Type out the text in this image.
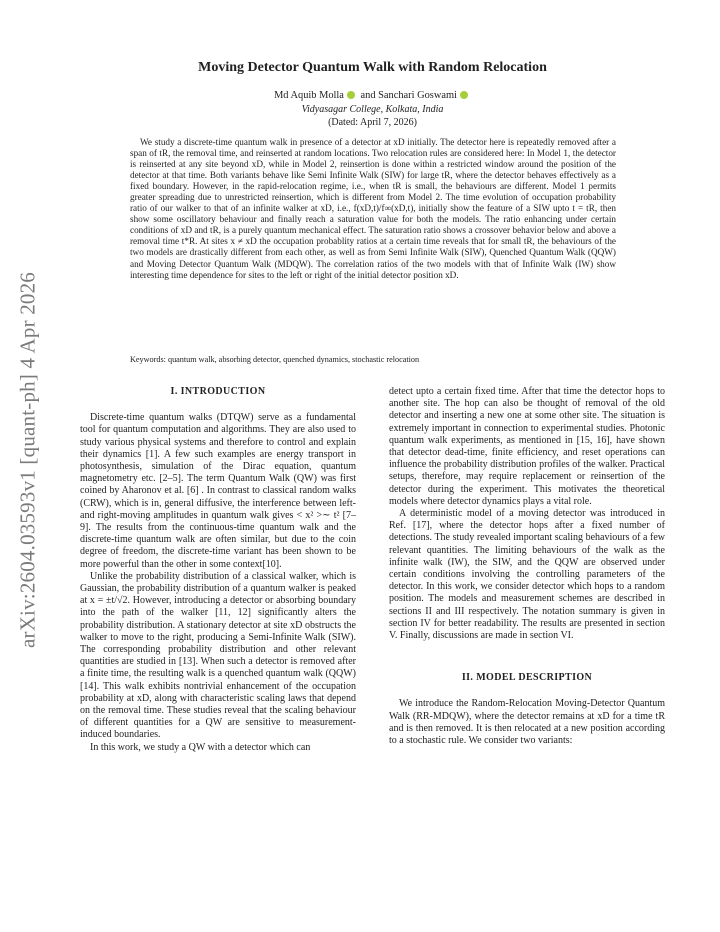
arXiv:2604.03593v1 [quant-ph] 4 Apr 2026
Moving Detector Quantum Walk with Random Relocation
Md Aquib Molla and Sanchari Goswami
Vidyasagar College, Kolkata, India
(Dated: April 7, 2026)
We study a discrete-time quantum walk in presence of a detector at xD initially. The detector here is repeatedly removed after a span of tR, the removal time, and reinserted at random locations. Two relocation rules are considered here: In Model 1, the detector is reinserted at any site beyond xD, while in Model 2, reinsertion is done within a restricted window around the position of the detector at that time. Both variants behave like Semi Infinite Walk (SIW) for large tR, where the detector behaves effectively as a fixed boundary. However, in the rapid-relocation regime, i.e., when tR is small, the behaviours are different. Model 1 permits greater spreading due to unrestricted reinsertion, which is different from Model 2. The time evolution of occupation probability ratio of our walker to that of an infinite walker at xD, i.e., f(xD,t)/f∞(xD,t), initially show the feature of a SIW upto t = tR, then show some oscillatory behaviour and finally reach a saturation value for both the models. The ratio enhancing under certain conditions of xD and tR, is a purely quantum mechanical effect. The saturation ratio shows a crossover behavior below and above a removal time t*R. At sites x ≠ xD the occupation probablity ratios at a certain time reveals that for small tR, the behaviours of the two models are drastically different from each other, as well as from Semi Infinite Walk (SIW), Quenched Quantum Walk (QQW) and Moving Detector Quantum Walk (MDQW). The correlation ratios of the two models with that of Infinite Walk (IW) show interesting time dependence for sites to the left or right of the initial detector position xD.
Keywords: quantum walk, absorbing detector, quenched dynamics, stochastic relocation
I. INTRODUCTION

Discrete-time quantum walks (DTQW) serve as a fundamental tool for quantum computation and algorithms. They are also used to study various physical systems and therefore to control and explain their dynamics [1]. A few such examples are energy transport in photosynthesis, simulation of the Dirac equation, quantum magnetometry etc. [2–5]. The term Quantum Walk (QW) was first coined by Aharonov et al. [6] . In contrast to classical random walks (CRW), which is in, general diffusive, the interference between left- and right-moving amplitudes in quantum walk gives < x² >∼ t² [7–9]. The results from the continuous-time quantum walk and the discrete-time quantum walk are often similar, but due to the coin degree of freedom, the discrete-time variant has been shown to be more powerful than the other in some context[10].

Unlike the probability distribution of a classical walker, which is Gaussian, the probability distribution of a quantum walker is peaked at x = ±t/√2. However, introducing a detector or absorbing boundary into the path of the walker [11, 12] significantly alters the probability distribution. A stationary detector at site xD obstructs the walker to move to the right, producing a Semi-Infinite Walk (SIW). The corresponding probability distribution and other relevant quantities are studied in [13]. When such a detector is removed after a finite time, the resulting walk is a quenched quantum walk (QQW) [14]. This walk exhibits nontrivial enhancement of the occupation probability at xD, along with characteristic scaling laws that depend on the removal time. These studies reveal that the scaling behaviour of different quantities for a QW are sensitive to measurement-induced boundaries.

In this work, we study a QW with a detector which can

detect upto a certain fixed time. After that time the detector hops to another site. The hop can also be thought of removal of the old detector and inserting a new one at some other site. The situation is extremely important in connection to experimental studies. Photonic quantum walk experiments, as mentioned in [15, 16], have shown that detector dead-time, finite efficiency, and reset operations can influence the probability distribution profiles of the walker. Practical setups, therefore, may require replacement or reinsertion of the detector during the experiment. This motivates the theoretical models where detector dynamics plays a vital role.

A deterministic model of a moving detector was introduced in Ref. [17], where the detector hops after a fixed number of detections. The study revealed important scaling behaviours of a few relevant quantities. The limiting behaviours of the walk as the infinite walk (IW), the SIW, and the QQW are observed under certain conditions involving the controlling parameters of the detector. In this work, we consider detector which hops to a random position. The models and measurement schemes are described in sections II and III respectively. The notation summary is given in section IV for better readability. The results are presented in section V. Finally, discussions are made in section VI.

II. MODEL DESCRIPTION

We introduce the Random-Relocation Moving-Detector Quantum Walk (RR-MDQW), where the detector remains at xD for a time tR and is then removed. It is then relocated at a new position according to a stochastic rule. We consider two variants:
